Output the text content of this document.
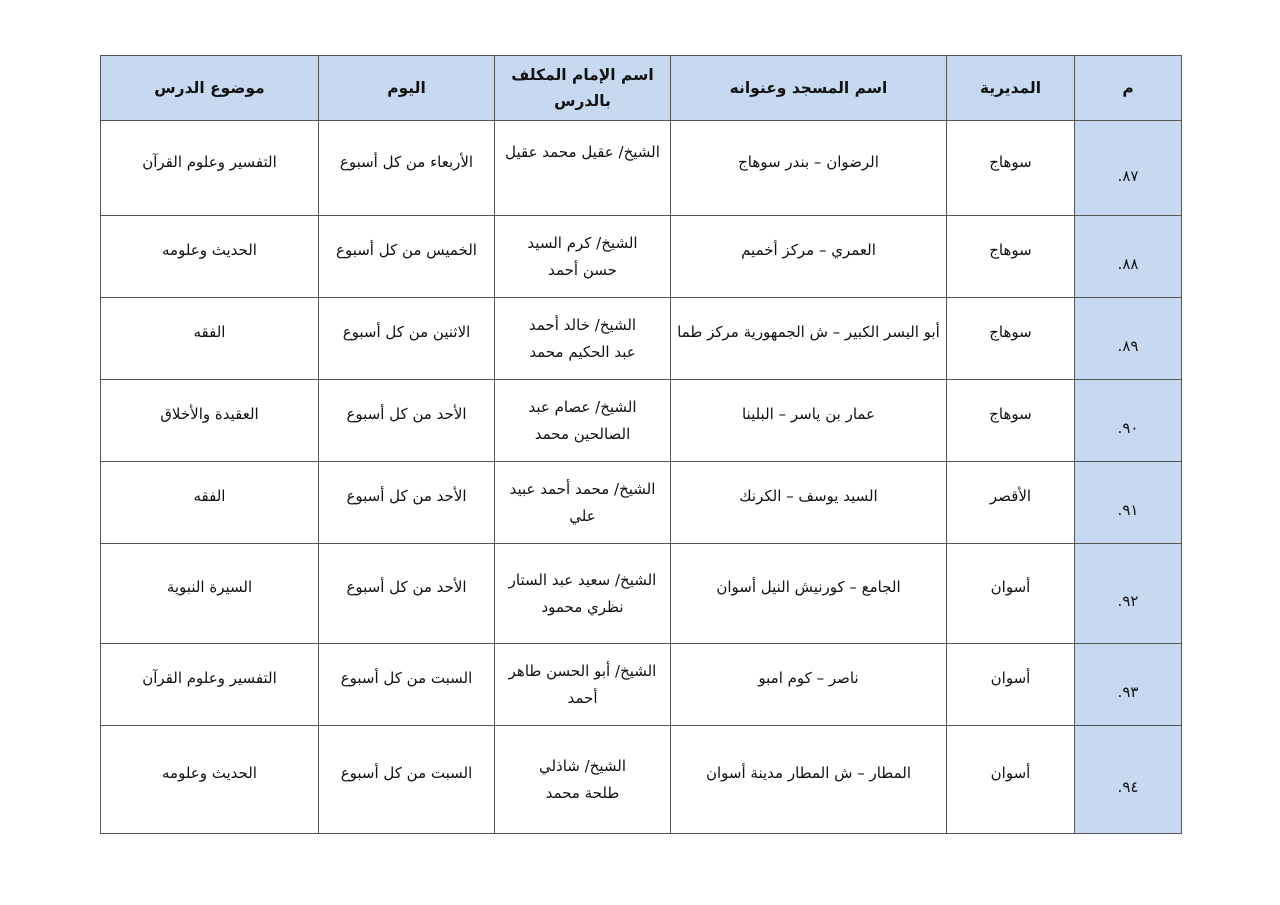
م	المديرية	اسم المسجد وعنوانه	اسم الإمام المكلف بالدرس	اليوم	موضوع الدرس
٨٧.	سوهاج	الرضوان – بندر سوهاج	الشيخ/ عقيل محمد عقيل	الأربعاء من كل أسبوع	التفسير وعلوم القرآن
٨٨.	سوهاج	العمري – مركز أخميم	الشيخ/ كرم السيد حسن أحمد	الخميس من كل أسبوع	الحديث وعلومه
٨٩.	سوهاج	أبو اليسر الكبير – ش الجمهورية مركز طما	الشيخ/ خالد أحمد عبد الحكيم محمد	الاثنين من كل أسبوع	الفقه
٩٠.	سوهاج	عمار بن ياسر – البلينا	الشيخ/ عصام عبد الصالحين محمد	الأحد من كل أسبوع	العقيدة والأخلاق
٩١.	الأقصر	السيد يوسف – الكرنك	الشيخ/ محمد أحمد عبيد علي	الأحد من كل أسبوع	الفقه
٩٢.	أسوان	الجامع – كورنيش النيل أسوان	الشيخ/ سعيد عبد الستار نظري محمود	الأحد من كل أسبوع	السيرة النبوية
٩٣.	أسوان	ناصر – كوم امبو	الشيخ/ أبو الحسن طاهر أحمد	السبت من كل أسبوع	التفسير وعلوم القرآن
٩٤.	أسوان	المطار – ش المطار مدينة أسوان	الشيخ/ شاذلي طلحة محمد	السبت من كل أسبوع	الحديث وعلومه
